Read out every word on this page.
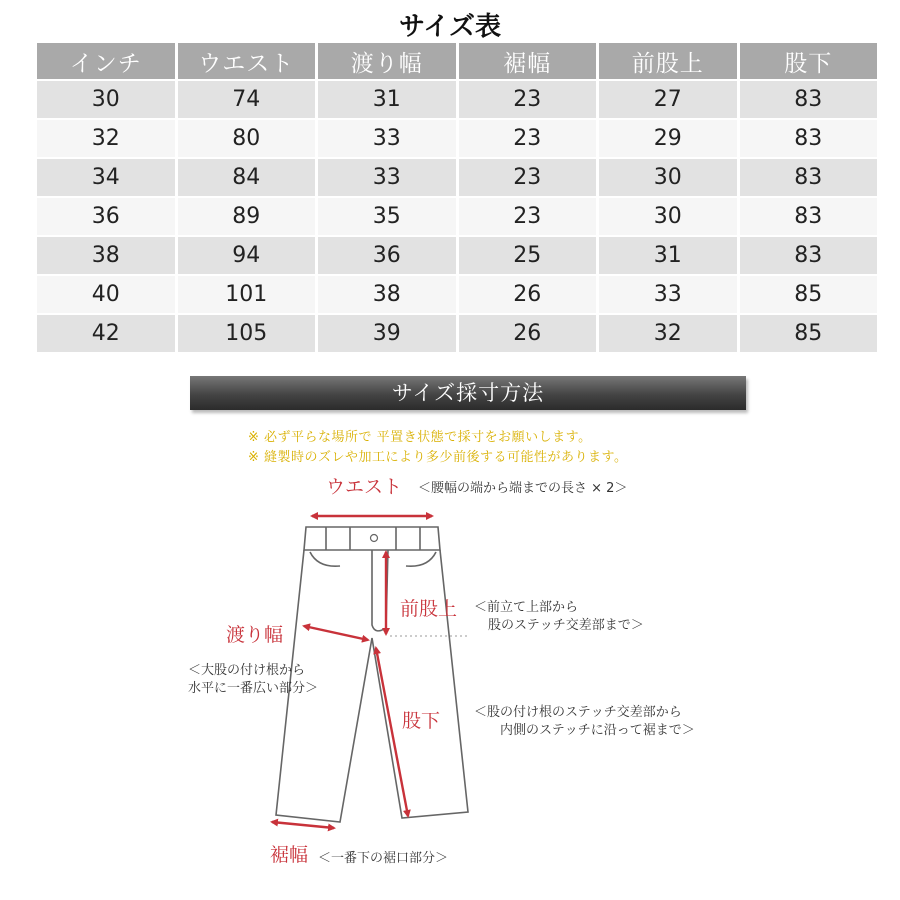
サイズ表
インチ	ウエスト	渡り幅	裾幅	前股上	股下
30	74	31	23	27	83
32	80	33	23	29	83
34	84	33	23	30	83
36	89	35	23	30	83
38	94	36	25	31	83
40	101	38	26	33	85
42	105	39	26	32	85
サイズ採寸方法
※ 必ず平らな場所で 平置き状態で採寸をお願いします。
※ 縫製時のズレや加工により多少前後する可能性があります。
ウエスト ＜腰幅の端から端までの長さ × 2＞
前股上 ＜前立て上部から
股のステッチ交差部まで＞
渡り幅
＜大股の付け根から
水平に一番広い部分＞
股下	＜股の付け根のステッチ交差部から
内側のステッチに沿って裾まで＞
裾幅 ＜一番下の裾口部分＞
